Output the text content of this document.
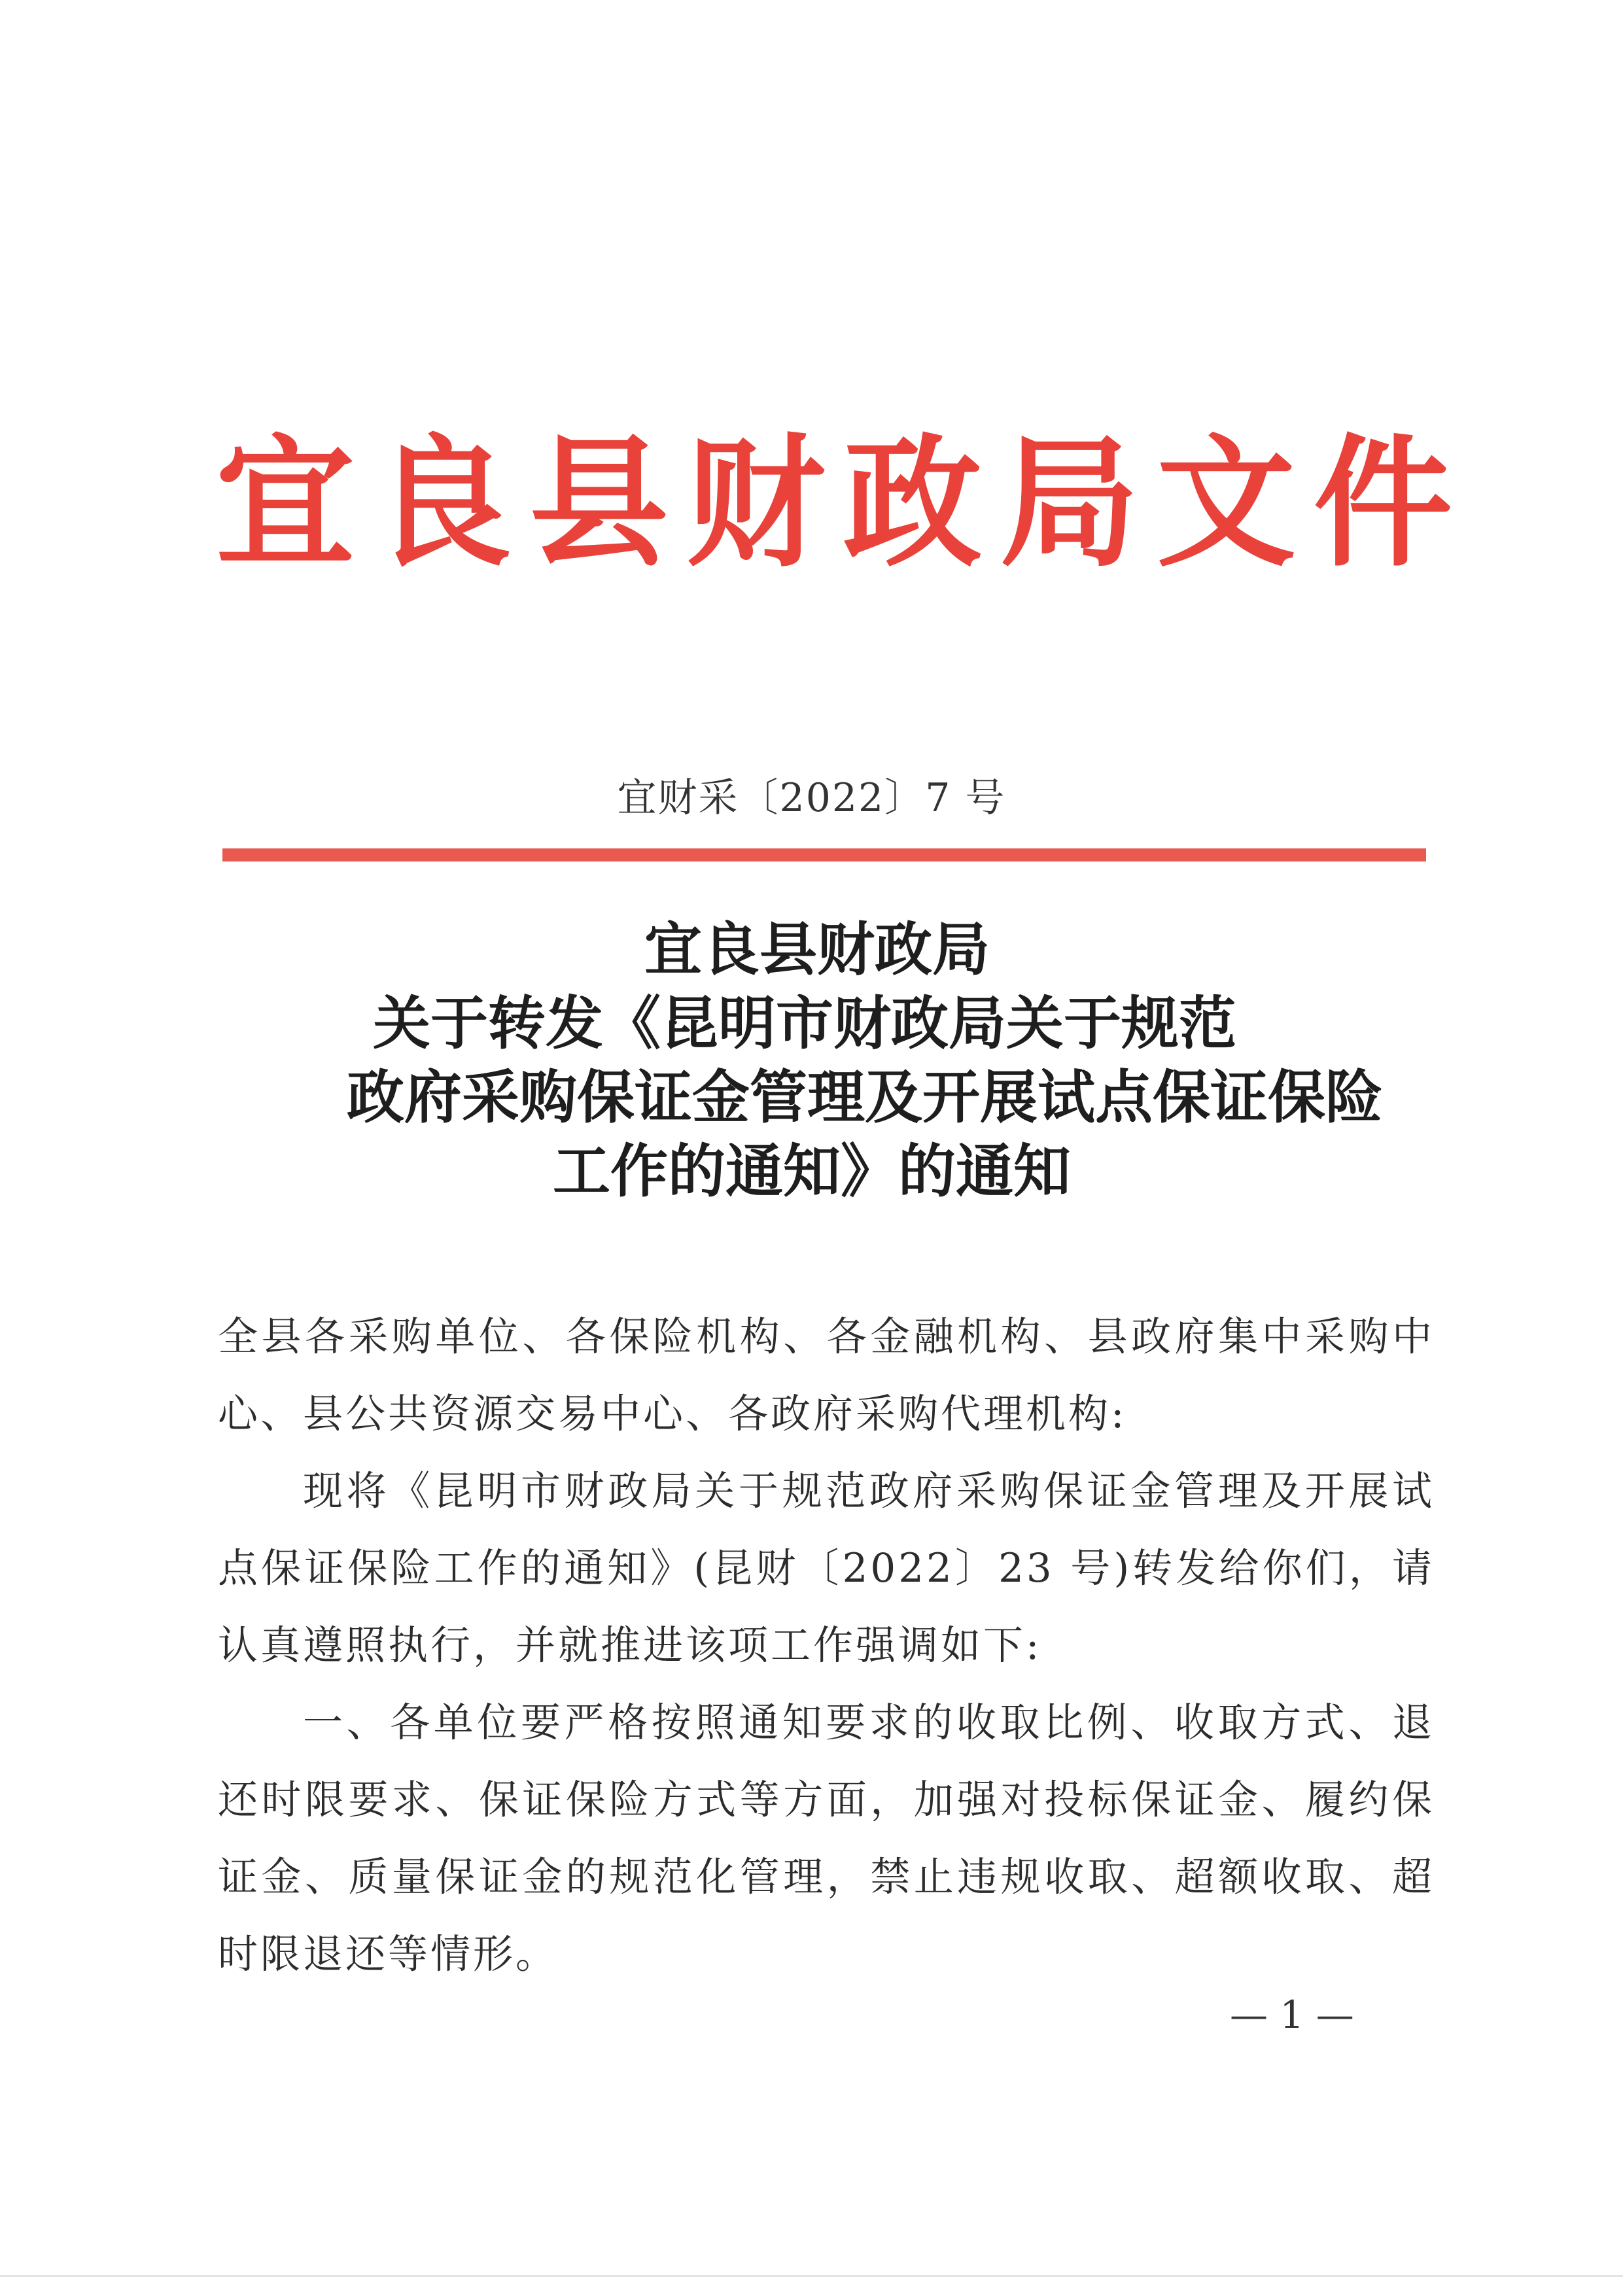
宜 良 县 财 政 局 文 件
宜财采〔2022〕7 号
宜良县财政局
关于转发《昆明市财政局关于规范
政府采购保证金管理及开展试点保证保险
工作的通知》的通知

全县各采购单位、各保险机构、各金融机构、县政府集中采购中心、县公共资源交易中心、各政府采购代理机构:

现将《昆明市财政局关于规范政府采购保证金管理及开展试点保证保险工作的通知》(昆财〔2022〕23 号)转发给你们，请认真遵照执行，并就推进该项工作强调如下:

一、各单位要严格按照通知要求的收取比例、收取方式、退还时限要求、保证保险方式等方面，加强对投标保证金、履约保证金、质量保证金的规范化管理，禁止违规收取、超额收取、超时限退还等情形。

— 1 —
